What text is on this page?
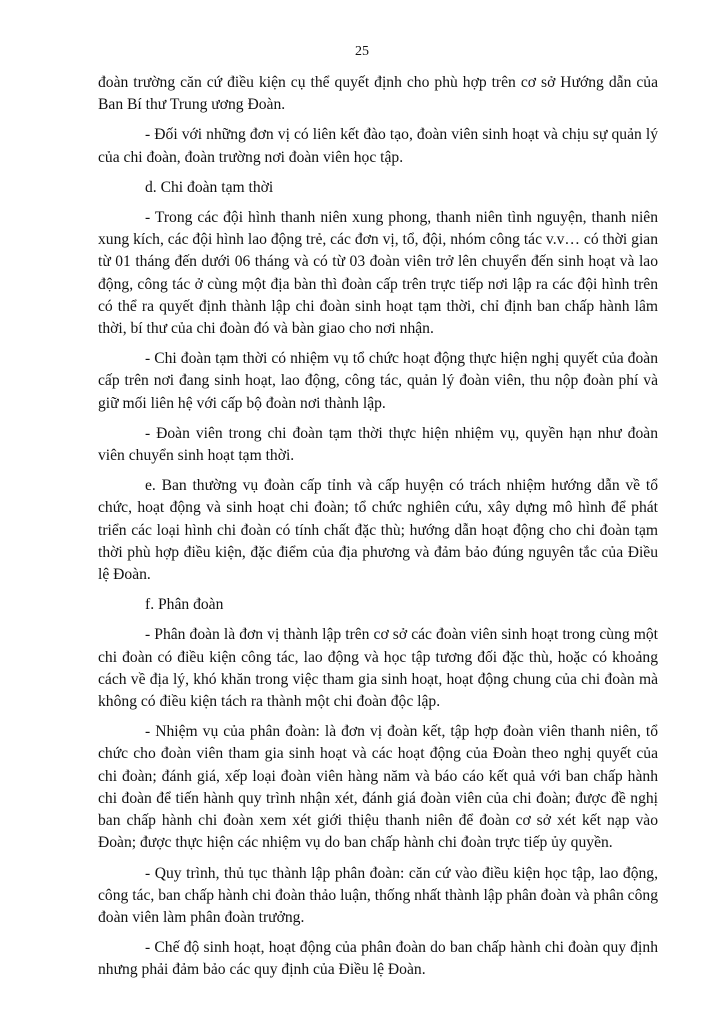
25

đoàn trường căn cứ điều kiện cụ thể quyết định cho phù hợp trên cơ sở Hướng dẫn của Ban Bí thư Trung ương Đoàn.

- Đối với những đơn vị có liên kết đào tạo, đoàn viên sinh hoạt và chịu sự quản lý của chi đoàn, đoàn trường nơi đoàn viên học tập.

d. Chi đoàn tạm thời

- Trong các đội hình thanh niên xung phong, thanh niên tình nguyện, thanh niên xung kích, các đội hình lao động trẻ, các đơn vị, tổ, đội, nhóm công tác v.v… có thời gian từ 01 tháng đến dưới 06 tháng và có từ 03 đoàn viên trở lên chuyển đến sinh hoạt và lao động, công tác ở cùng một địa bàn thì đoàn cấp trên trực tiếp nơi lập ra các đội hình trên có thể ra quyết định thành lập chi đoàn sinh hoạt tạm thời, chỉ định ban chấp hành lâm thời, bí thư của chi đoàn đó và bàn giao cho nơi nhận.

- Chi đoàn tạm thời có nhiệm vụ tổ chức hoạt động thực hiện nghị quyết của đoàn cấp trên nơi đang sinh hoạt, lao động, công tác, quản lý đoàn viên, thu nộp đoàn phí và giữ mối liên hệ với cấp bộ đoàn nơi thành lập.

- Đoàn viên trong chi đoàn tạm thời thực hiện nhiệm vụ, quyền hạn như đoàn viên chuyển sinh hoạt tạm thời.

e. Ban thường vụ đoàn cấp tỉnh và cấp huyện có trách nhiệm hướng dẫn về tổ chức, hoạt động và sinh hoạt chi đoàn; tổ chức nghiên cứu, xây dựng mô hình để phát triển các loại hình chi đoàn có tính chất đặc thù; hướng dẫn hoạt động cho chi đoàn tạm thời phù hợp điều kiện, đặc điểm của địa phương và đảm bảo đúng nguyên tắc của Điều lệ Đoàn.

f. Phân đoàn

- Phân đoàn là đơn vị thành lập trên cơ sở các đoàn viên sinh hoạt trong cùng một chi đoàn có điều kiện công tác, lao động và học tập tương đối đặc thù, hoặc có khoảng cách về địa lý, khó khăn trong việc tham gia sinh hoạt, hoạt động chung của chi đoàn mà không có điều kiện tách ra thành một chi đoàn độc lập.

- Nhiệm vụ của phân đoàn: là đơn vị đoàn kết, tập hợp đoàn viên thanh niên, tổ chức cho đoàn viên tham gia sinh hoạt và các hoạt động của Đoàn theo nghị quyết của chi đoàn; đánh giá, xếp loại đoàn viên hàng năm và báo cáo kết quả với ban chấp hành chi đoàn để tiến hành quy trình nhận xét, đánh giá đoàn viên của chi đoàn; được đề nghị ban chấp hành chi đoàn xem xét giới thiệu thanh niên để đoàn cơ sở xét kết nạp vào Đoàn; được thực hiện các nhiệm vụ do ban chấp hành chi đoàn trực tiếp ủy quyền.

- Quy trình, thủ tục thành lập phân đoàn: căn cứ vào điều kiện học tập, lao động, công tác, ban chấp hành chi đoàn thảo luận, thống nhất thành lập phân đoàn và phân công đoàn viên làm phân đoàn trưởng.

- Chế độ sinh hoạt, hoạt động của phân đoàn do ban chấp hành chi đoàn quy định nhưng phải đảm bảo các quy định của Điều lệ Đoàn.
